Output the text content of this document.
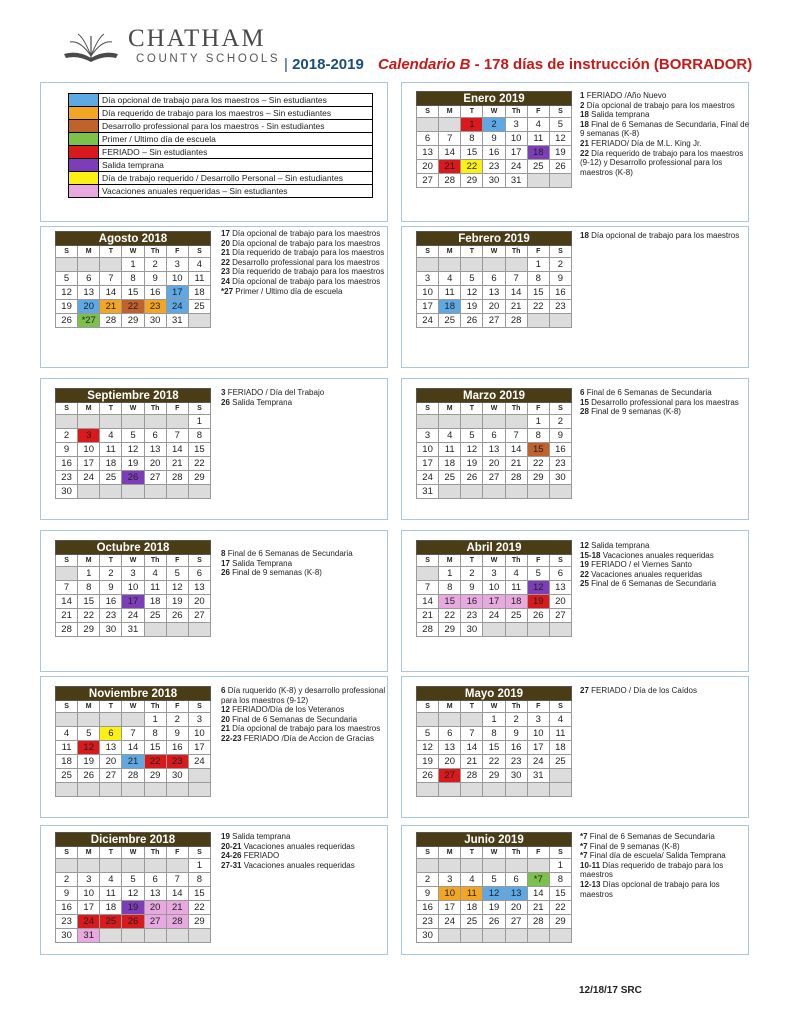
CHATHAM
COUNTY SCHOOLS | 2018-2019 Calendario B - 178 días de instrucción (BORRADOR)
	Día opcional de trabajo para los maestros – Sin estudiantes
	Día requerido de trabajo para los maestros – Sin estudiantes
	Desarrollo professional para los maestros - Sin estudiantes
	Primer / Ultimo día de escuela
	FERIADO – Sin estudiantes
	Salida temprana
	Día de trabajo requerido / Desarrollo Personal – Sin estudiantes
	Vacaciones anuales requeridas – Sin estudiantes
Agosto 2018						
S	M	T	W	Th	F	S
			1	2	3	4
5	6	7	8	9	10	11
12	13	14	15	16	17	18
19	20	21	22	23	24	25
26	*27	28	29	30	31	
17 Día opcional de trabajo para los maestros
20 Día opcional de trabajo para los maestros
21 Día requerido de trabajo para los maestros
22 Desarrollo professional para los maestros
23 Día requerido de trabajo para los maestros
24 Día opcional de trabajo para los maestros
*27 Primer / Ultimo día de escuela
Septiembre 2018						
S	M	T	W	Th	F	S
						1
2	3	4	5	6	7	8
9	10	11	12	13	14	15
16	17	18	19	20	21	22
23	24	25	26	27	28	29
30						
3 FERIADO / Día del Trabajo
26 Salida Temprana
Octubre 2018						
S	M	T	W	Th	F	S
	1	2	3	4	5	6
7	8	9	10	11	12	13
14	15	16	17	18	19	20
21	22	23	24	25	26	27
28	29	30	31			
8 Final de 6 Semanas de Secundaria
17 Salida Temprana
26 Final de 9 semanas (K-8)
Noviembre 2018						
S	M	T	W	Th	F	S
				1	2	3
4	5	6	7	8	9	10
11	12	13	14	15	16	17
18	19	20	21	22	23	24
25	26	27	28	29	30	

6 Día ruquerido (K-8) y desarrollo professional para los maestros (9-12)
12 FERIADO/Día de los Veteranos
20 Final de 6 Semanas de Secundaria
21 Día opcional de trabajo para los maestros
22-23 FERIADO /Día de Accion de Gracias
Diciembre 2018						
S	M	T	W	Th	F	S
						1
2	3	4	5	6	7	8
9	10	11	12	13	14	15
16	17	18	19	20	21	22
23	24	25	26	27	28	29
30	31					
19 Salida temprana
20-21 Vacaciones anuales requeridas
24-26 FERIADO
27-31 Vacaciones anuales requeridas
Enero 2019						
S	M	T	W	Th	F	S
		1	2	3	4	5
6	7	8	9	10	11	12
13	14	15	16	17	18	19
20	21	22	23	24	25	26
27	28	29	30	31		
1 FERIADO /Año Nuevo
2 Día opcional de trabajo para los maestros
18 Salida temprana
18 Final de 6 Semanas de Secundaria, Final de 9 semanas (K-8)
21 FERIADO/ Día de M.L. King Jr.
22 Día requerido de trabajo para los maestros (9-12) y Desarrollo professional para los maestros (K-8)
Febrero 2019						
S	M	T	W	Th	F	S
					1	2
3	4	5	6	7	8	9
10	11	12	13	14	15	16
17	18	19	20	21	22	23
24	25	26	27	28		
18 Día opcional de trabajo para los maestros
Marzo 2019						
S	M	T	W	Th	F	S
					1	2
3	4	5	6	7	8	9
10	11	12	13	14	15	16
17	18	19	20	21	22	23
24	25	26	27	28	29	30
31						
6 Final de 6 Semanas de Secundaria
15 Desarrollo professional para los maestras
28 Final de 9 semanas (K-8)
Abril 2019						
S	M	T	W	Th	F	S
	1	2	3	4	5	6
7	8	9	10	11	12	13
14	15	16	17	18	19	20
21	22	23	24	25	26	27
28	29	30				
12 Salida temprana
15-18 Vacaciones anuales requeridas
19 FERIADO / el Viernes Santo
22 Vacaciones anuales requeridas
25 Final de 6 Semanas de Secundaria
Mayo 2019						
S	M	T	W	Th	F	S
			1	2	3	4
5	6	7	8	9	10	11
12	13	14	15	16	17	18
19	20	21	22	23	24	25
26	27	28	29	30	31	

27 FERIADO / Día de los Caídos
Junio 2019						
S	M	T	W	Th	F	S
						1
2	3	4	5	6	*7	8
9	10	11	12	13	14	15
16	17	18	19	20	21	22
23	24	25	26	27	28	29
30						
*7 Final de 6 Semanas de Secundaria
*7 Final de 9 semanas (K-8)
*7 Final día de escuela/ Salida Temprana
10-11 Días requerido de trabajo para los maestros
12-13 Días opcional de trabajo para los maestros
12/18/17 SRC
